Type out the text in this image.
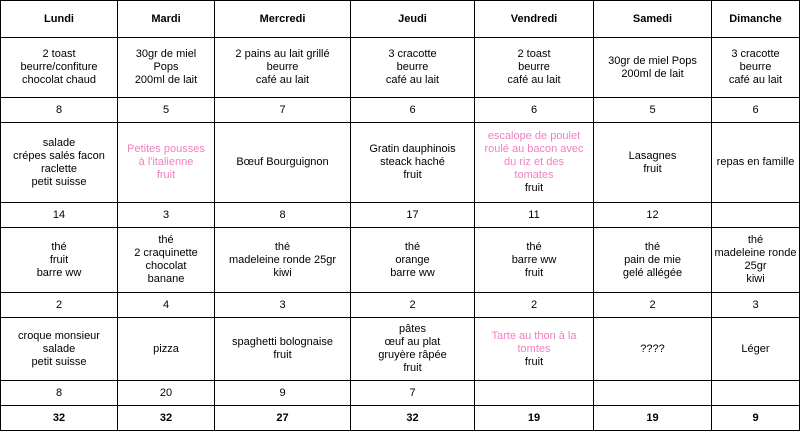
Lundi	Mardi	Mercredi	Jeudi	Vendredi	Samedi	Dimanche

2 toast
beurre/confiture
chocolat chaud	30gr de miel
Pops
200ml de lait	2 pains au lait grillé
beurre
café au lait	3 cracotte
beurre
café au lait	2 toast
beurre
café au lait	30gr de miel Pops
200ml de lait	3 cracotte
beurre
café au lait

8	5	7	6	6	5	6

salade
crépes salés facon
raclette
petit suisse	Petites pousses
à l'italienne
fruit	Bœuf Bourguignon	Gratin dauphinois
steack haché
fruit	escalope de poulet
roulé au bacon avec
du riz et des
tomates
fruit	Lasagnes
fruit	repas en famille

14	3	8	17	11	12	

thé
fruit
barre ww	thé
2 craquinette
chocolat
banane	thé
madeleine ronde 25gr
kiwi	thé
orange
barre ww	thé
barre ww
fruit	thé
pain de mie
gelé allégée	thé
madeleine ronde
25gr
kiwi

2	4	3	2	2	2	3

croque monsieur
salade
petit suisse	pizza	spaghetti bolognaise
fruit	pâtes
œuf au plat
gruyère râpée
fruit	Tarte au thon à la
tomtes
fruit	????	Léger

8	20	9	7			
32	32	27	32	19	19	9
